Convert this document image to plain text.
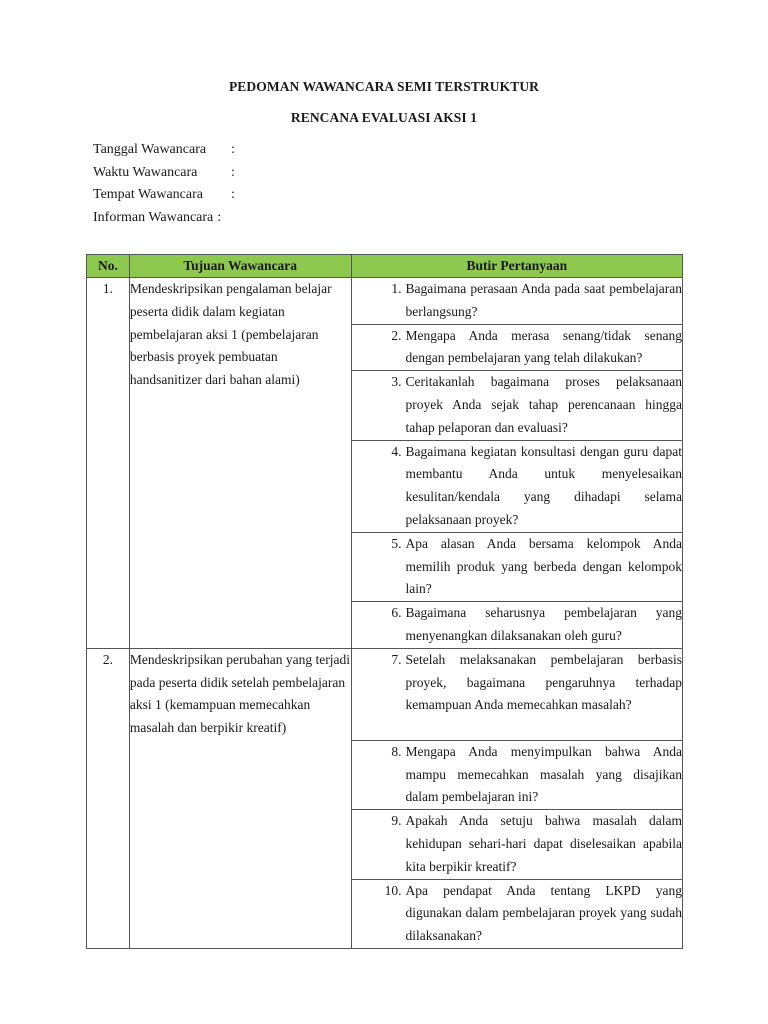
PEDOMAN WAWANCARA SEMI TERSTRUKTUR
RENCANA EVALUASI AKSI 1
Tanggal Wawancara	:
Waktu Wawancara	:
Tempat Wawancara	:
Informan Wawancara :
No.	Tujuan Wawancara	Butir Pertanyaan
1.	Mendeskripsikan pengalaman belajar peserta didik dalam kegiatan pembelajaran aksi 1 (pembelajaran berbasis proyek pembuatan handsanitizer dari bahan alami)	1. Bagaimana perasaan Anda pada saat pembelajaran berlangsung?

		2. Mengapa Anda merasa senang/tidak senang dengan pembelajaran yang telah dilakukan?

		3. Ceritakanlah bagaimana proses pelaksanaan proyek Anda sejak tahap perencanaan hingga tahap pelaporan dan evaluasi?

		4. Bagaimana kegiatan konsultasi dengan guru dapat membantu Anda untuk menyelesaikan kesulitan/kendala yang dihadapi selama pelaksanaan proyek?

		5. Apa alasan Anda bersama kelompok Anda memilih produk yang berbeda dengan kelompok lain?

		6. Bagaimana seharusnya pembelajaran yang menyenangkan dilaksanakan oleh guru?

2.	Mendeskripsikan perubahan yang terjadi pada peserta didik setelah pembelajaran aksi 1 (kemampuan memecahkan masalah dan berpikir kreatif)	7. Setelah melaksanakan pembelajaran berbasis proyek, bagaimana pengaruhnya terhadap kemampuan Anda memecahkan masalah?

		8. Mengapa Anda menyimpulkan bahwa Anda mampu memecahkan masalah yang disajikan dalam pembelajaran ini?

		9. Apakah Anda setuju bahwa masalah dalam kehidupan sehari-hari dapat diselesaikan apabila kita berpikir kreatif?

		10. Apa pendapat Anda tentang LKPD yang digunakan dalam pembelajaran proyek yang sudah dilaksanakan?
